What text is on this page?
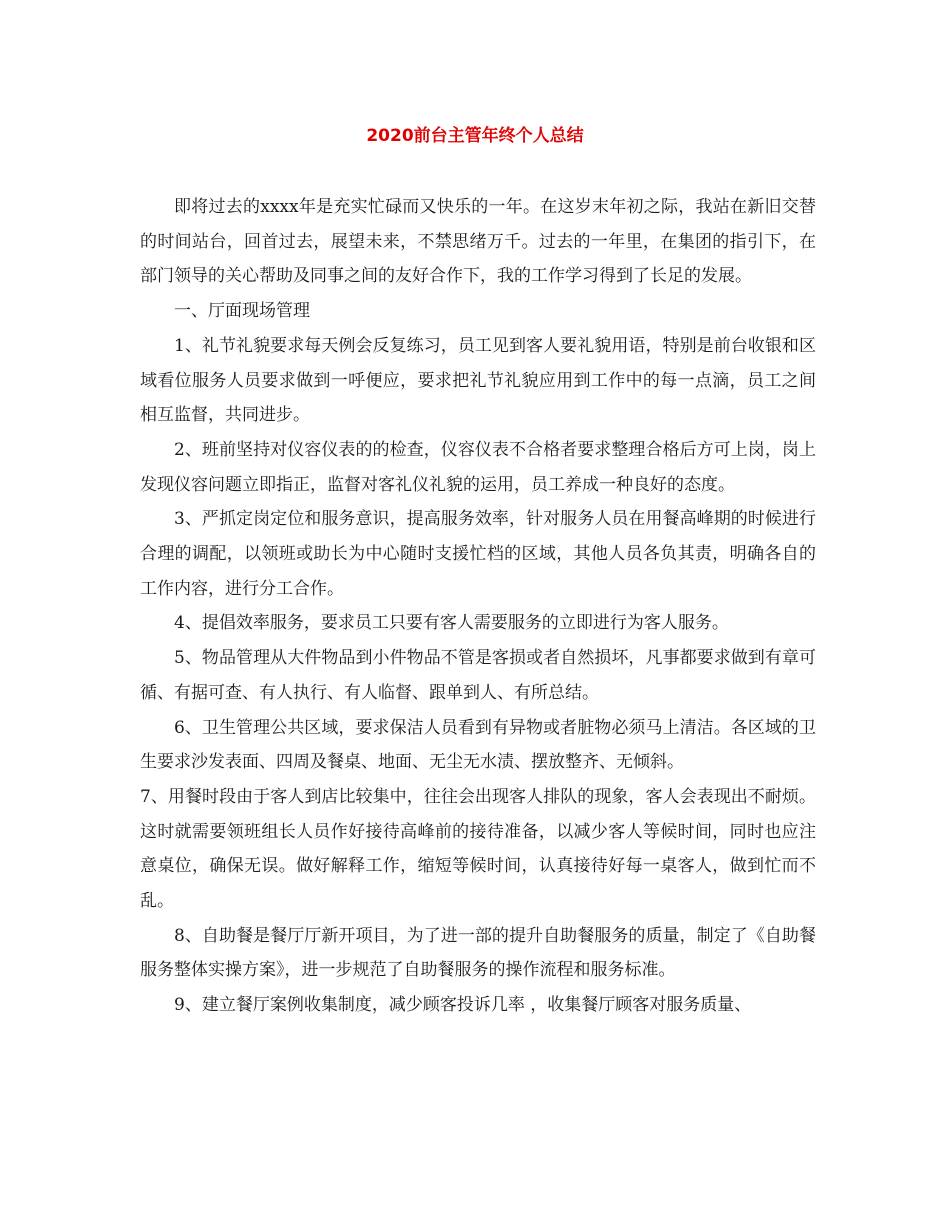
2020前台主管年终个人总结

即将过去的xxxx年是充实忙碌而又快乐的一年。在这岁末年初之际，我站在新旧交替的时间站台，回首过去，展望未来，不禁思绪万千。过去的一年里，在集团的指引下，在部门领导的关心帮助及同事之间的友好合作下，我的工作学习得到了长足的发展。

一、厅面现场管理

1、礼节礼貌要求每天例会反复练习，员工见到客人要礼貌用语，特别是前台收银和区域看位服务人员要求做到一呼便应，要求把礼节礼貌应用到工作中的每一点滴，员工之间相互监督，共同进步。

2、班前坚持对仪容仪表的的检查，仪容仪表不合格者要求整理合格后方可上岗，岗上发现仪容问题立即指正，监督对客礼仪礼貌的运用，员工养成一种良好的态度。

3、严抓定岗定位和服务意识，提高服务效率，针对服务人员在用餐高峰期的时候进行合理的调配，以领班或助长为中心随时支援忙档的区域，其他人员各负其责，明确各自的工作内容，进行分工合作。

4、提倡效率服务，要求员工只要有客人需要服务的立即进行为客人服务。

5、物品管理从大件物品到小件物品不管是客损或者自然损坏，凡事都要求做到有章可循、有据可查、有人执行、有人临督、跟单到人、有所总结。

6、卫生管理公共区域，要求保洁人员看到有异物或者脏物必须马上清洁。各区域的卫生要求沙发表面、四周及餐桌、地面、无尘无水渍、摆放整齐、无倾斜。

7、用餐时段由于客人到店比较集中，往往会出现客人排队的现象，客人会表现出不耐烦。这时就需要领班组长人员作好接待高峰前的接待准备，以减少客人等候时间，同时也应注意桌位，确保无误。做好解释工作，缩短等候时间，认真接待好每一桌客人，做到忙而不乱。

8、自助餐是餐厅厅新开项目，为了进一部的提升自助餐服务的质量，制定了《自助餐服务整体实操方案》，进一步规范了自助餐服务的操作流程和服务标准。

9、建立餐厅案例收集制度，减少顾客投诉几率 ，收集餐厅顾客对服务质量、
